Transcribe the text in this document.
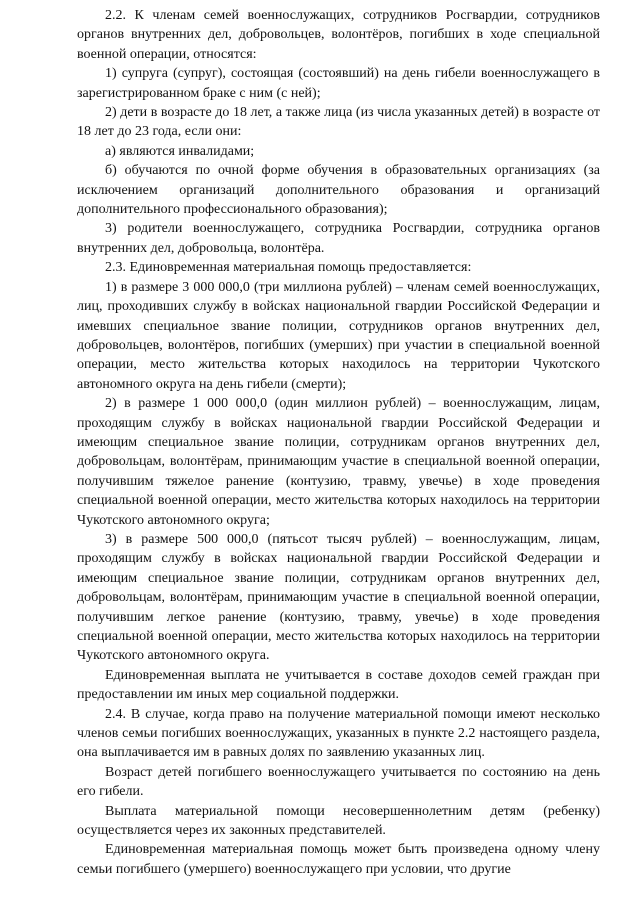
2.2. К членам семей военнослужащих, сотрудников Росгвардии, сотрудников органов внутренних дел, добровольцев, волонтёров, погибших в ходе специальной военной операции, относятся:

1) супруга (супруг), состоящая (состоявший) на день гибели военнослужащего в зарегистрированном браке с ним (с ней);

2) дети в возрасте до 18 лет, а также лица (из числа указанных детей) в возрасте от 18 лет до 23 года, если они:

а) являются инвалидами;

б) обучаются по очной форме обучения в образовательных организациях (за исключением организаций дополнительного образования и организаций дополнительного профессионального образования);

3) родители военнослужащего, сотрудника Росгвардии, сотрудника органов внутренних дел, добровольца, волонтёра.

2.3. Единовременная материальная помощь предоставляется:

1) в размере 3 000 000,0 (три миллиона рублей) – членам семей военнослужащих, лиц, проходивших службу в войсках национальной гвардии Российской Федерации и имевших специальное звание полиции, сотрудников органов внутренних дел, добровольцев, волонтёров, погибших (умерших) при участии в специальной военной операции, место жительства которых находилось на территории Чукотского автономного округа на день гибели (смерти);

2) в размере 1 000 000,0 (один миллион рублей) – военнослужащим, лицам, проходящим службу в войсках национальной гвардии Российской Федерации и имеющим специальное звание полиции, сотрудникам органов внутренних дел, добровольцам, волонтёрам, принимающим участие в специальной военной операции, получившим тяжелое ранение (контузию, травму, увечье) в ходе проведения специальной военной операции, место жительства которых находилось на территории Чукотского автономного округа;

3) в размере 500 000,0 (пятьсот тысяч рублей) – военнослужащим, лицам, проходящим службу в войсках национальной гвардии Российской Федерации и имеющим специальное звание полиции, сотрудникам органов внутренних дел, добровольцам, волонтёрам, принимающим участие в специальной военной операции, получившим легкое ранение (контузию, травму, увечье) в ходе проведения специальной военной операции, место жительства которых находилось на территории Чукотского автономного округа.

Единовременная выплата не учитывается в составе доходов семей граждан при предоставлении им иных мер социальной поддержки.

2.4. В случае, когда право на получение материальной помощи имеют несколько членов семьи погибших военнослужащих, указанных в пункте 2.2 настоящего раздела, она выплачивается им в равных долях по заявлению указанных лиц.

Возраст детей погибшего военнослужащего учитывается по состоянию на день его гибели.

Выплата материальной помощи несовершеннолетним детям (ребенку) осуществляется через их законных представителей.

Единовременная материальная помощь может быть произведена одному члену семьи погибшего (умершего) военнослужащего при условии, что другие
